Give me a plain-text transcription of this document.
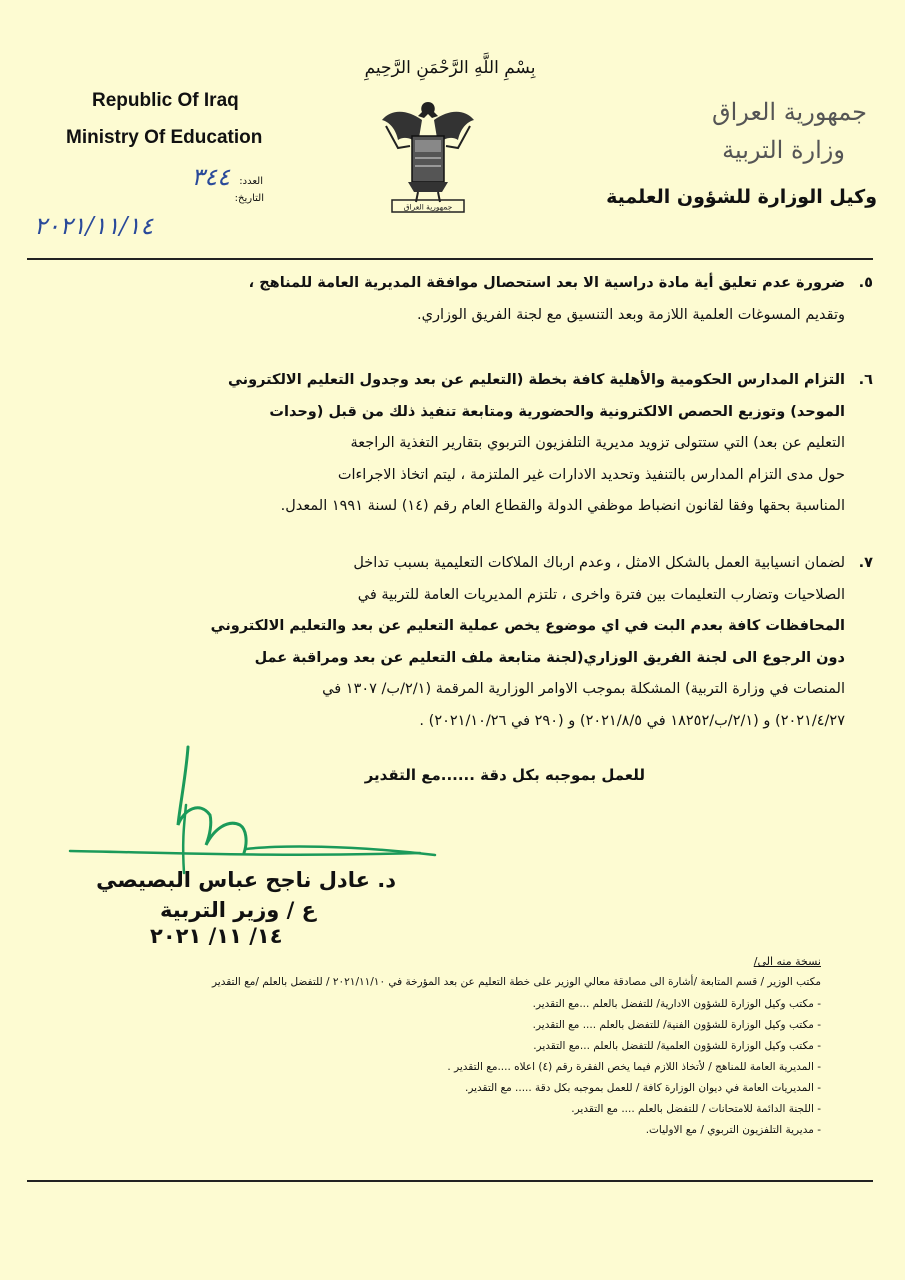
بِسْمِ اللَّهِ الرَّحْمَنِ الرَّحِيمِ
جمهورية العراق
Republic Of Iraq
Ministry Of Education
جمهورية العراق
وزارة التربية
وكيل الوزارة للشؤون العلمية
العدد:
التاريخ:
٣٤٤
٢٠٢١/١١/١٤
٥.
ضرورة عدم تعليق أية مادة دراسية الا بعد استحصال موافقة المديرية العامة للمناهج ،
وتقديم المسوغات العلمية اللازمة وبعد التنسيق مع لجنة الفريق الوزاري.
٦.
التزام المدارس الحكومية والأهلية كافة بخطة (التعليم عن بعد وجدول التعليم الالكتروني
الموحد) وتوزيع الحصص الالكترونية والحضورية ومتابعة تنفيذ ذلك من قبل (وحدات
التعليم عن بعد) التي ستتولى تزويد مديرية التلفزيون التربوي بتقارير التغذية الراجعة
حول مدى التزام المدارس بالتنفيذ وتحديد الادارات غير الملتزمة ، ليتم اتخاذ الاجراءات
المناسبة بحقها وفقا لقانون انضباط موظفي الدولة والقطاع العام رقم (١٤) لسنة ١٩٩١ المعدل.
٧.
لضمان انسيابية العمل بالشكل الامثل ، وعدم ارباك الملاكات التعليمية بسبب تداخل
الصلاحيات وتضارب التعليمات بين فترة واخرى ، تلتزم المديريات العامة للتربية في
المحافظات كافة بعدم البت في اي موضوع يخص عملية التعليم عن بعد والتعليم الالكتروني
دون الرجوع الى لجنة الفريق الوزاري(لجنة متابعة ملف التعليم عن بعد ومراقبة عمل
المنصات في وزارة التربية) المشكلة بموجب الاوامر الوزارية المرقمة (٢/١/ب/ ١٣٠٧ في
٢٠٢١/٤/٢٧) و (٢/١/ب/١٨٢٥٢ في ٢٠٢١/٨/٥) و (٢٩٠ في ٢٠٢١/١٠/٢٦) .
للعمل بموجبه بكل دقة ......مع التقدير
د. عادل ناجح عباس البصيصي
ع / وزير التربية
١٤/ ١١/ ٢٠٢١
نسخة منه الى/
مكتب الوزير / قسم المتابعة /أشارة الى مصادقة معالي الوزير على خطة التعليم عن بعد المؤرخة في ٢٠٢١/١١/١٠ / للتفضل بالعلم /مع التقدير
- مكتب وكيل الوزارة للشؤون الادارية/ للتفضل بالعلم ...مع التقدير.
- مكتب وكيل الوزارة للشؤون الفنية/ للتفضل بالعلم .... مع التقدير.
- مكتب وكيل الوزارة للشؤون العلمية/ للتفضل بالعلم ...مع التقدير.
- المديرية العامة للمناهج / لأتخاذ اللازم فيما يخص الفقرة رقم (٤) اعلاه ....مع التقدير .
- المديريات العامة في ديوان الوزارة كافة / للعمل بموجبه بكل دقة ..... مع التقدير.
- اللجنة الدائمة للامتحانات / للتفضل بالعلم .... مع التقدير.
- مديرية التلفزيون التربوي / مع الاوليات.
